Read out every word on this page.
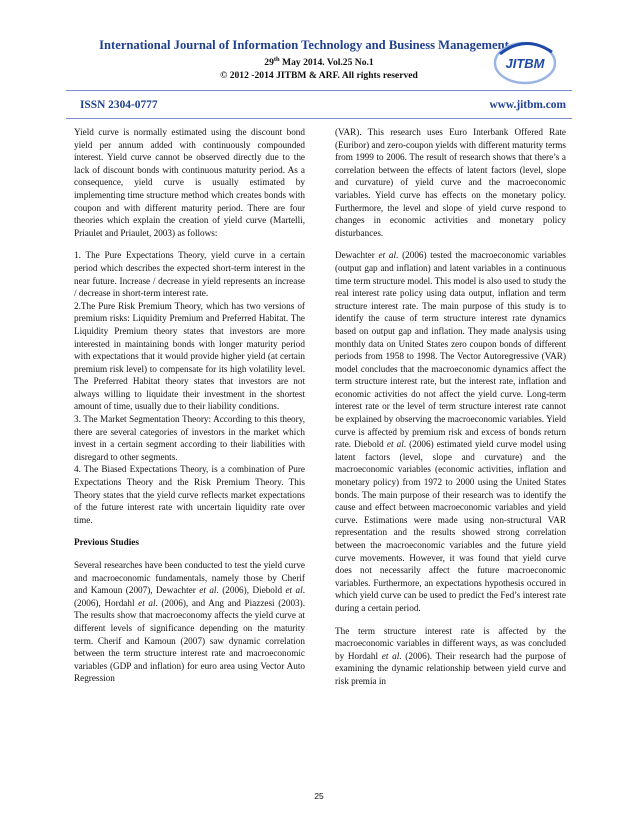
International Journal of Information Technology and Business Management
29th May 2014. Vol.25 No.1
© 2012 -2014 JITBM & ARF. All rights reserved
JITBM
ISSN 2304-0777	www.jitbm.com

Yield curve is normally estimated using the discount bond yield per annum added with continuously compounded interest. Yield curve cannot be observed directly due to the lack of discount bonds with continuous maturity period. As a consequence, yield curve is usually estimated by implementing time structure method which creates bonds with coupon and with different maturity period. There are four theories which explain the creation of yield curve (Martelli, Priaulet and Priaulet, 2003) as follows:

1. The Pure Expectations Theory, yield curve in a certain period which describes the expected short-term interest in the near future. Increase / decrease in yield represents an increase / decrease in short-term interest rate.

2.The Pure Risk Premium Theory, which has two versions of premium risks: Liquidity Premium and Preferred Habitat. The Liquidity Premium theory states that investors are more interested in maintaining bonds with longer maturity period with expectations that it would provide higher yield (at certain premium risk level) to compensate for its high volatility level. The Preferred Habitat theory states that investors are not always willing to liquidate their investment in the shortest amount of time, usually due to their liability conditions.

3. The Market Segmentation Theory: According to this theory, there are several categories of investors in the market which invest in a certain segment according to their liabilities with disregard to other segments.

4. The Biased Expectations Theory, is a combination of Pure Expectations Theory and the Risk Premium Theory. This Theory states that the yield curve reflects market expectations of the future interest rate with uncertain liquidity rate over time.

Previous Studies

Several researches have been conducted to test the yield curve and macroeconomic fundamentals, namely those by Cherif and Kamoun (2007), Dewachter et al. (2006), Diebold et al. (2006), Hordahl et al. (2006), and Ang and Piazzesi (2003). The results show that macroeconomy affects the yield curve at different levels of significance depending on the maturity term. Cherif and Kamoun (2007) saw dynamic correlation between the term structure interest rate and macroeconomic variables (GDP and inflation) for euro area using Vector Auto Regression

(VAR). This research uses Euro Interbank Offered Rate (Euribor) and zero-coupon yields with different maturity terms from 1999 to 2006. The result of research shows that there’s a correlation between the effects of latent factors (level, slope and curvature) of yield curve and the macroeconomic variables. Yield curve has effects on the monetary policy. Furthermore, the level and slope of yield curve respond to changes in economic activities and monetary policy disturbances.

Dewachter et al. (2006) tested the macroeconomic variables (output gap and inflation) and latent variables in a continuous time term structure model. This model is also used to study the real interest rate policy using data output, inflation and term structure interest rate. The main purpose of this study is to identify the cause of term structure interest rate dynamics based on output gap and inflation. They made analysis using monthly data on United States zero coupon bonds of different periods from 1958 to 1998. The Vector Autoregressive (VAR) model concludes that the macroeconomic dynamics affect the term structure interest rate, but the interest rate, inflation and economic activities do not affect the yield curve. Long-term interest rate or the level of term structure interest rate cannot be explained by observing the macroeconomic variables. Yield curve is affected by premium risk and excess of bonds return rate. Diebold et al. (2006) estimated yield curve model using latent factors (level, slope and curvature) and the macroeconomic variables (economic activities, inflation and monetary policy) from 1972 to 2000 using the United States bonds. The main purpose of their research was to identify the cause and effect between macroeconomic variables and yield curve. Estimations were made using non-structural VAR representation and the results showed strong correlation between the macroeconomic variables and the future yield curve movements. However, it was found that yield curve does not necessarily affect the future macroeconomic variables. Furthermore, an expectations hypothesis occured in which yield curve can be used to predict the Fed’s interest rate during a certain period.

The term structure interest rate is affected by the macroeconomic variables in different ways, as was concluded by Hordahl et al. (2006). Their research had the purpose of examining the dynamic relationship between yield curve and risk premia in

25
